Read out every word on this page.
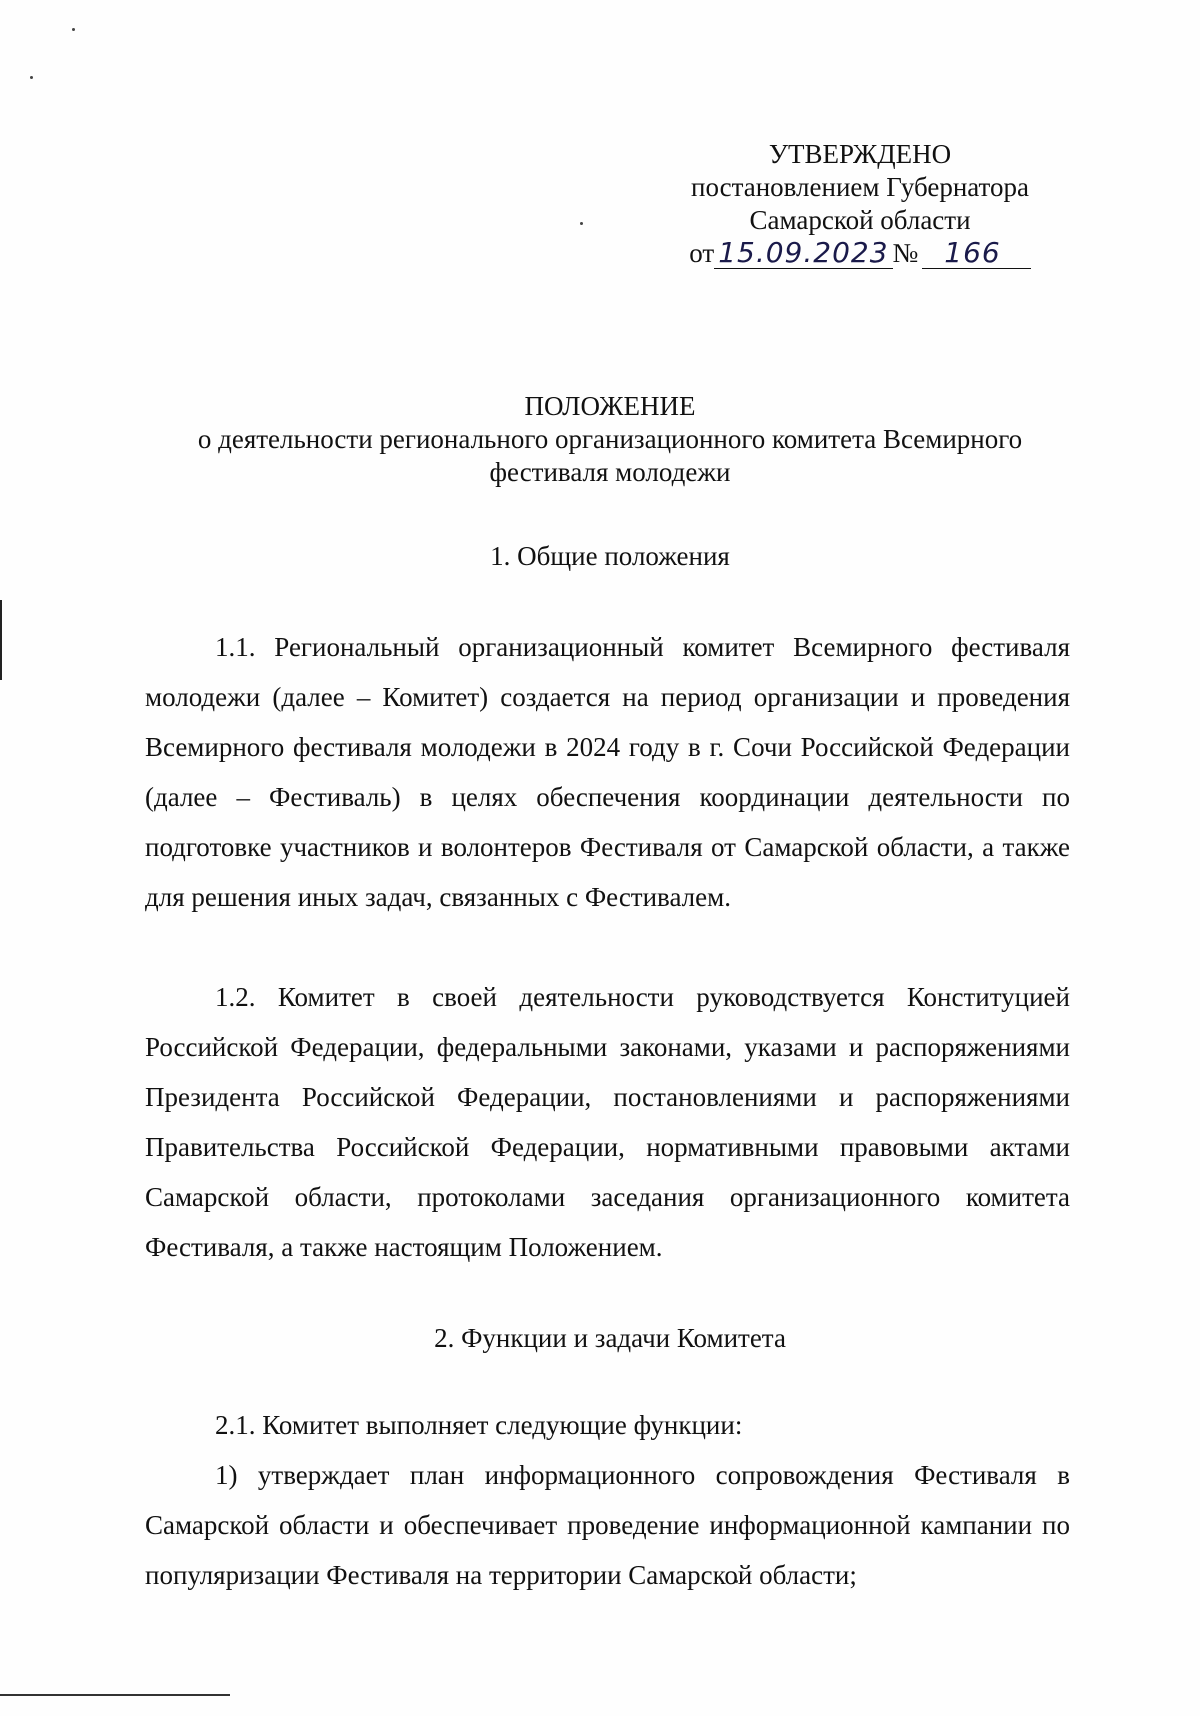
УТВЕРЖДЕНО
постановлением Губернатора
Самарской области
от 15.09.2023 № 166
ПОЛОЖЕНИЕ
о деятельности регионального организационного комитета Всемирного
фестиваля молодежи
1. Общие положения
1.1. Региональный организационный комитет Всемирного фестиваля молодежи (далее – Комитет) создается на период организации и проведения Всемирного фестиваля молодежи в 2024 году в г. Сочи Российской Федерации (далее – Фестиваль) в целях обеспечения координации деятельности по подготовке участников и волонтеров Фестиваля от Самарской области, а также для решения иных задач, связанных с Фестивалем.
1.2. Комитет в своей деятельности руководствуется Конституцией Российской Федерации, федеральными законами, указами и распоряжениями Президента Российской Федерации, постановлениями и распоряжениями Правительства Российской Федерации, нормативными правовыми актами Самарской области, протоколами заседания организационного комитета Фестиваля, а также настоящим Положением.
2. Функции и задачи Комитета
2.1. Комитет выполняет следующие функции:
1) утверждает план информационного сопровождения Фестиваля в Самарской области и обеспечивает проведение информационной кампании по популяризации Фестиваля на территории Самарской области;
